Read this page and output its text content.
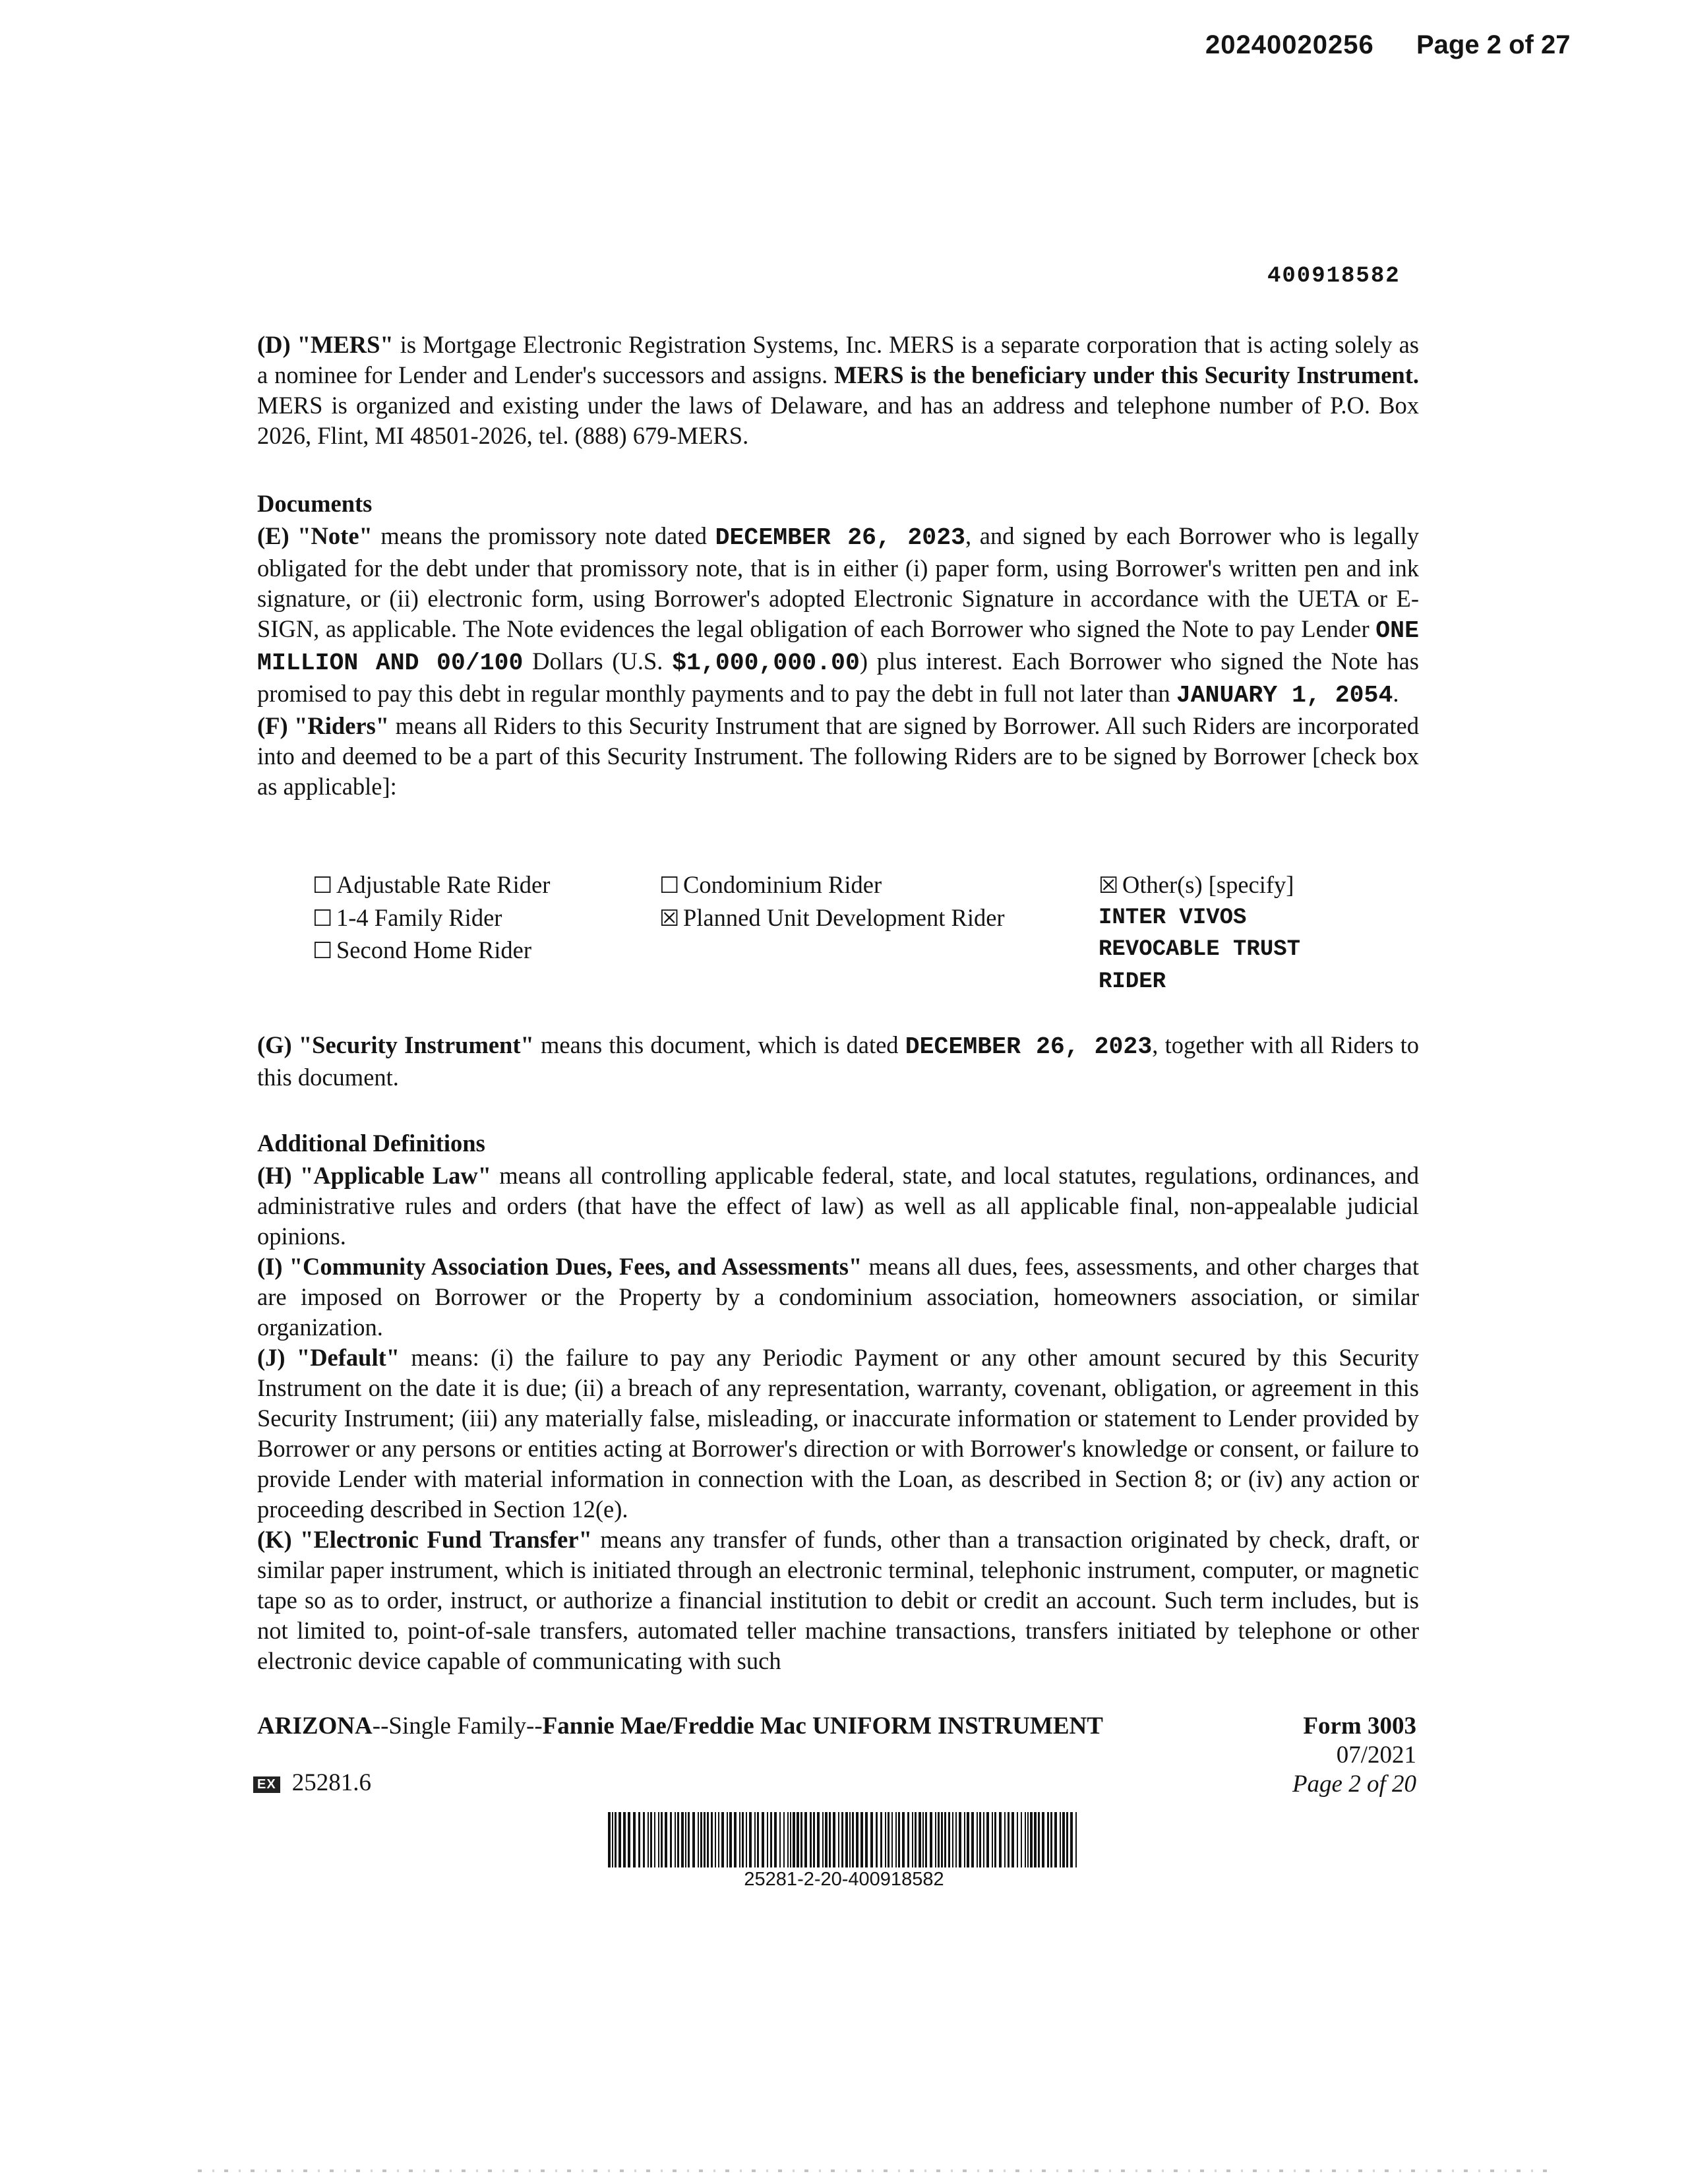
20240020256 Page 2 of 27
400918582

(D) "MERS" is Mortgage Electronic Registration Systems, Inc. MERS is a separate corporation that is acting solely as a nominee for Lender and Lender's successors and assigns. MERS is the beneficiary under this Security Instrument. MERS is organized and existing under the laws of Delaware, and has an address and telephone number of P.O. Box 2026, Flint, MI 48501-2026, tel. (888) 679-MERS.

Documents

(E) "Note" means the promissory note dated DECEMBER 26, 2023, and signed by each Borrower who is legally obligated for the debt under that promissory note, that is in either (i) paper form, using Borrower's written pen and ink signature, or (ii) electronic form, using Borrower's adopted Electronic Signature in accordance with the UETA or E-SIGN, as applicable. The Note evidences the legal obligation of each Borrower who signed the Note to pay Lender ONE MILLION AND 00/100 Dollars (U.S. $1,000,000.00) plus interest. Each Borrower who signed the Note has promised to pay this debt in regular monthly payments and to pay the debt in full not later than JANUARY 1, 2054.

(F) "Riders" means all Riders to this Security Instrument that are signed by Borrower. All such Riders are incorporated into and deemed to be a part of this Security Instrument. The following Riders are to be signed by Borrower [check box as applicable]:

☐ Adjustable Rate Rider
☐ 1-4 Family Rider
☐ Second Home Rider
☐ Condominium Rider
☒ Planned Unit Development Rider
☒ Other(s) [specify]
INTER VIVOS
REVOCABLE TRUST
RIDER

(G) "Security Instrument" means this document, which is dated DECEMBER 26, 2023, together with all Riders to this document.

Additional Definitions

(H) "Applicable Law" means all controlling applicable federal, state, and local statutes, regulations, ordinances, and administrative rules and orders (that have the effect of law) as well as all applicable final, non-appealable judicial opinions.

(I) "Community Association Dues, Fees, and Assessments" means all dues, fees, assessments, and other charges that are imposed on Borrower or the Property by a condominium association, homeowners association, or similar organization.

(J) "Default" means: (i) the failure to pay any Periodic Payment or any other amount secured by this Security Instrument on the date it is due; (ii) a breach of any representation, warranty, covenant, obligation, or agreement in this Security Instrument; (iii) any materially false, misleading, or inaccurate information or statement to Lender provided by Borrower or any persons or entities acting at Borrower's direction or with Borrower's knowledge or consent, or failure to provide Lender with material information in connection with the Loan, as described in Section 8; or (iv) any action or proceeding described in Section 12(e).

(K) "Electronic Fund Transfer" means any transfer of funds, other than a transaction originated by check, draft, or similar paper instrument, which is initiated through an electronic terminal, telephonic instrument, computer, or magnetic tape so as to order, instruct, or authorize a financial institution to debit or credit an account. Such term includes, but is not limited to, point-of-sale transfers, automated teller machine transactions, transfers initiated by telephone or other electronic device capable of communicating with such

ARIZONA--Single Family--Fannie Mae/Freddie Mac UNIFORM INSTRUMENT	Form 3003
07/2021
Page 2 of 20
EX 25281.6
25281-2-20-400918582
